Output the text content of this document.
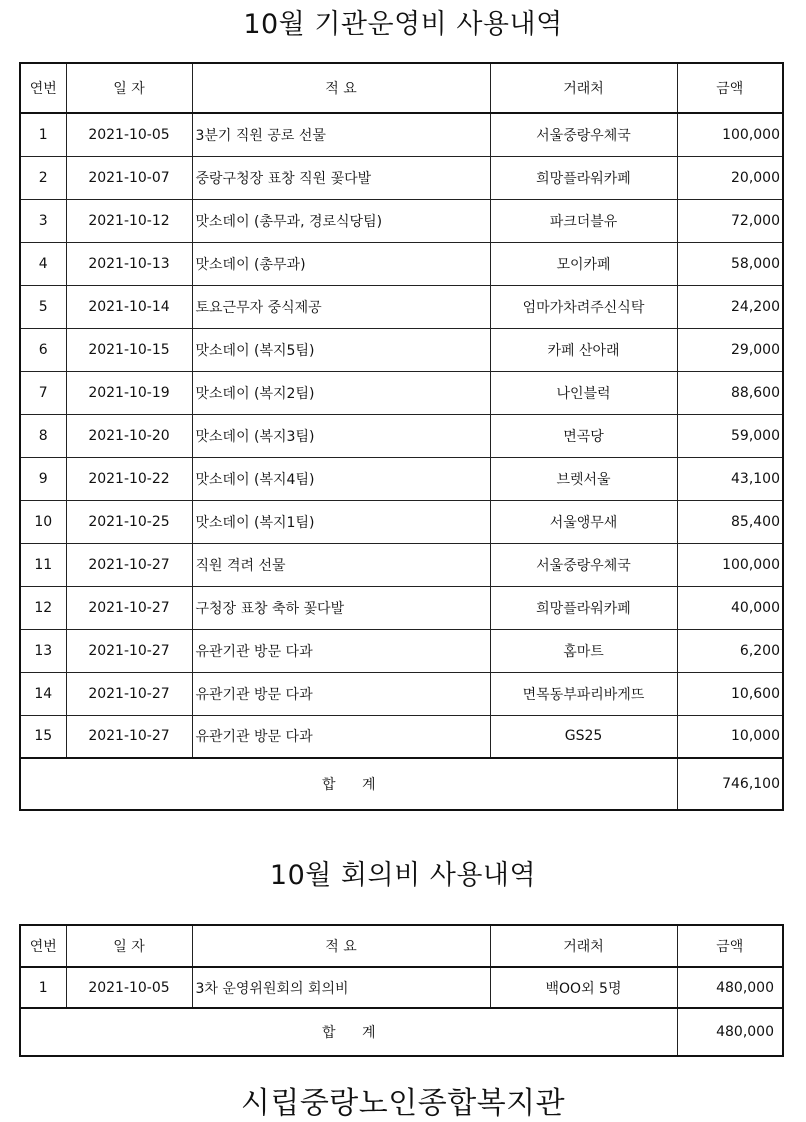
10월 기관운영비 사용내역
연번	일 자	적 요	거래처	금액
1	2021-10-05	3분기 직원 공로 선물	서울중랑우체국	100,000
2	2021-10-07	중랑구청장 표창 직원 꽃다발	희망플라워카페	20,000
3	2021-10-12	맛소데이 (총무과, 경로식당팀)	파크더블유	72,000
4	2021-10-13	맛소데이 (총무과)	모이카페	58,000
5	2021-10-14	토요근무자 중식제공	엄마가차려주신식탁	24,200
6	2021-10-15	맛소데이 (복지5팀)	카페 산아래	29,000
7	2021-10-19	맛소데이 (복지2팀)	나인블럭	88,600
8	2021-10-20	맛소데이 (복지3팀)	면곡당	59,000
9	2021-10-22	맛소데이 (복지4팀)	브렛서울	43,100
10	2021-10-25	맛소데이 (복지1팀)	서울앵무새	85,400
11	2021-10-27	직원 격려 선물	서울중랑우체국	100,000
12	2021-10-27	구청장 표창 축하 꽃다발	희망플라워카페	40,000
13	2021-10-27	유관기관 방문 다과	홈마트	6,200
14	2021-10-27	유관기관 방문 다과	면목동부파리바게뜨	10,600
15	2021-10-27	유관기관 방문 다과	GS25	10,000
합 계				746,100
10월 회의비 사용내역
연번	일 자	적 요	거래처	금액
1	2021-10-05	3차 운영위원회의 회의비	백OO외 5명	480,000
합 계				480,000
시립중랑노인종합복지관
